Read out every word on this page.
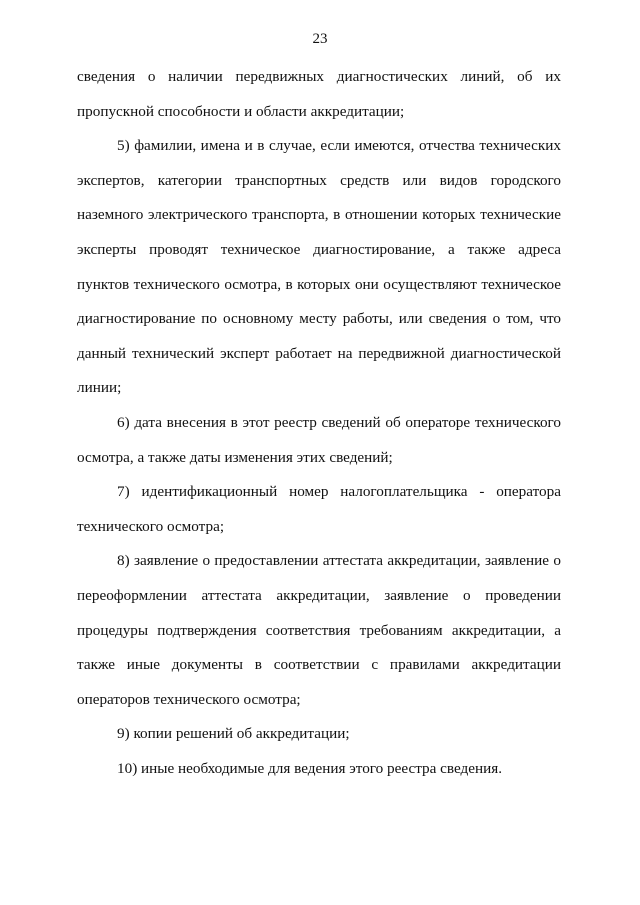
23

сведения о наличии передвижных диагностических линий, об их пропускной способности и области аккредитации;

5) фамилии, имена и в случае, если имеются, отчества технических экспертов, категории транспортных средств или видов городского наземного электрического транспорта, в отношении которых технические эксперты проводят техническое диагностирование, а также адреса пунктов технического осмотра, в которых они осуществляют техническое диагностирование по основному месту работы, или сведения о том, что данный технический эксперт работает на передвижной диагностической линии;

6) дата внесения в этот реестр сведений об операторе технического осмотра, а также даты изменения этих сведений;

7) идентификационный номер налогоплательщика - оператора технического осмотра;

8) заявление о предоставлении аттестата аккредитации, заявление о переоформлении аттестата аккредитации, заявление о проведении процедуры подтверждения соответствия требованиям аккредитации, а также иные документы в соответствии с правилами аккредитации операторов технического осмотра;

9) копии решений об аккредитации;

10) иные необходимые для ведения этого реестра сведения.
